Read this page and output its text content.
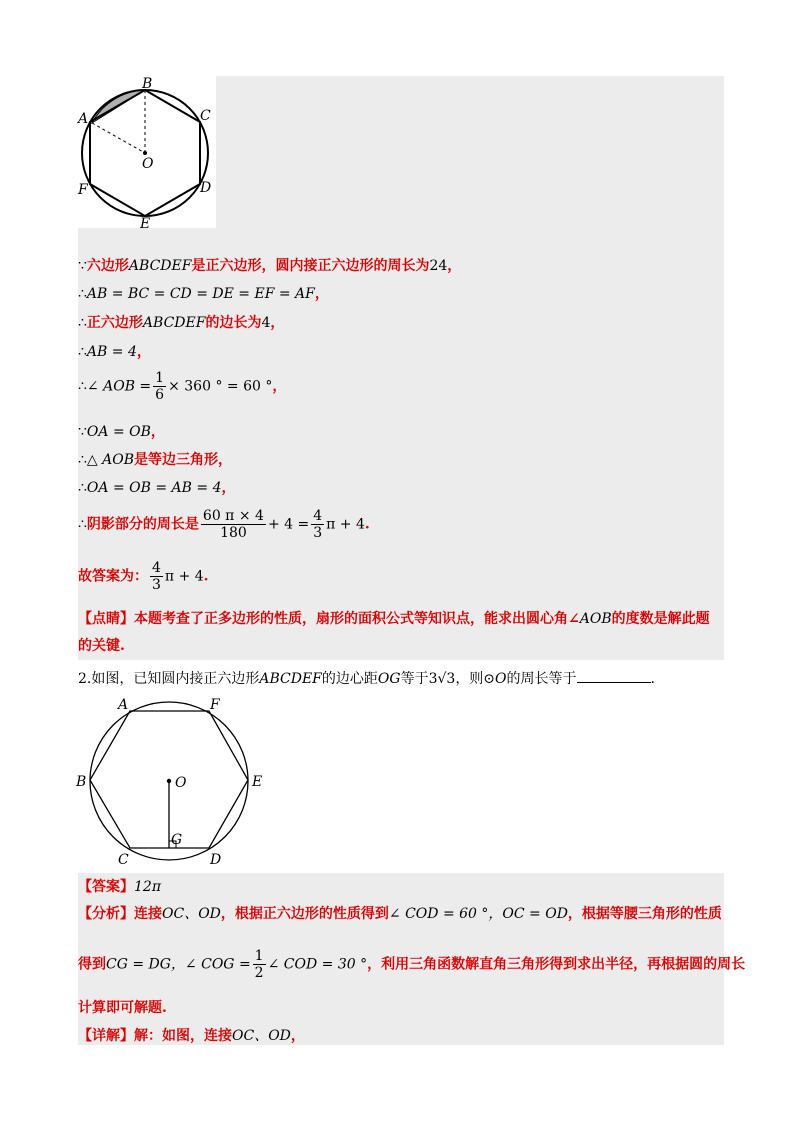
B
A	C
O
F	D
E
∵六边形ABCDEF是正六边形，圆内接正六边形的周长为24，
∴AB = BC = CD = DE = EF = AF，
∴正六边形ABCDEF的边长为4，
∴AB = 4，
∴∠ AOB = $\frac{1}{6} \times 360$ ° = 60 °，
∵OA = OB，
∴△ AOB是等边三角形，
∴OA = OB = AB = 4，
∴阴影部分的周长是 $\frac{60 \pi \times 4}{180} + 4 = \frac{4}{3}$ π + 4.
故答案为： $\frac{4}{3}$ π + 4.
【点睛】本题考查了正多边形的性质，扇形的面积公式等知识点，能求出圆心角∠AOB的度数是解此题
的关键.
2.如图，已知圆内接正六边形ABCDEF的边心距OG等于3√3，则⊙O的周长等于	.
A	F
B	E
O
G
C	D
【答案】12π
【分析】连接OC、OD，根据正六边形的性质得到∠ COD = 60 °，OC = OD，根据等腰三角形的性质
得到CG = DG，∠ COG = $\frac{1}{2}$ ∠ COD = 30 °，利用三角函数解直角三角形得到求出半径，再根据圆的周长
计算即可解题.
【详解】解：如图，连接OC、OD，
